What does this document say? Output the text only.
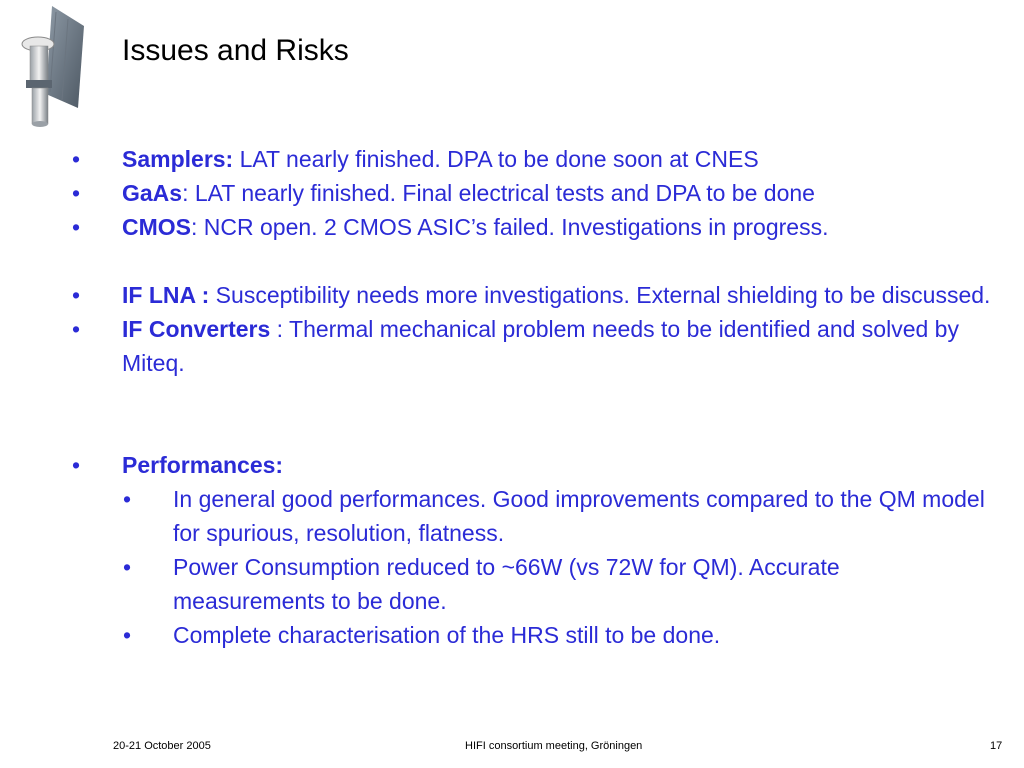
Issues and Risks
• Samplers: LAT nearly finished. DPA to be done soon at CNES
• GaAs: LAT nearly finished. Final electrical tests and DPA to be done
• CMOS: NCR open. 2 CMOS ASIC’s failed. Investigations in progress.
• IF LNA : Susceptibility needs more investigations. External shielding to be discussed.
• IF Converters : Thermal mechanical problem needs to be identified and solved by Miteq.
• Performances:
• In general good performances. Good improvements compared to the QM model for spurious, resolution, flatness.
• Power Consumption reduced to ~66W (vs 72W for QM). Accurate measurements to be done.
• Complete characterisation of the HRS still to be done.
20-21 October 2005	HIFI consortium meeting, Gröningen	17
